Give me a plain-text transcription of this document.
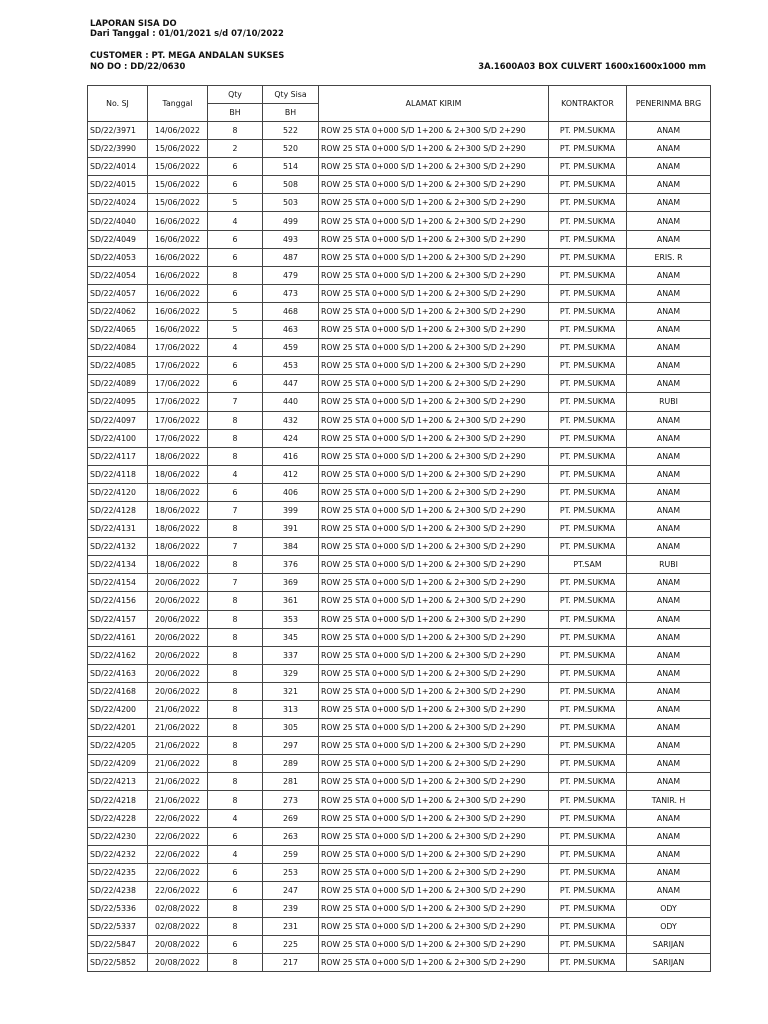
LAPORAN SISA DO
Dari Tanggal : 01/01/2021 s/d 07/10/2022
CUSTOMER : PT. MEGA ANDALAN SUKSES
NO DO : DD/22/0630	3A.1600A03 BOX CULVERT 1600x1600x1000 mm
No. SJ	Tanggal	Qty	Qty Sisa	ALAMAT KIRIM	KONTRAKTOR	PENERINMA BRG
		BH	BH			
SD/22/3971	14/06/2022	8	522	ROW 25 STA 0+000 S/D 1+200 & 2+300 S/D 2+290	PT. PM.SUKMA	ANAM
SD/22/3990	15/06/2022	2	520	ROW 25 STA 0+000 S/D 1+200 & 2+300 S/D 2+290	PT. PM.SUKMA	ANAM
SD/22/4014	15/06/2022	6	514	ROW 25 STA 0+000 S/D 1+200 & 2+300 S/D 2+290	PT. PM.SUKMA	ANAM
SD/22/4015	15/06/2022	6	508	ROW 25 STA 0+000 S/D 1+200 & 2+300 S/D 2+290	PT. PM.SUKMA	ANAM
SD/22/4024	15/06/2022	5	503	ROW 25 STA 0+000 S/D 1+200 & 2+300 S/D 2+290	PT. PM.SUKMA	ANAM
SD/22/4040	16/06/2022	4	499	ROW 25 STA 0+000 S/D 1+200 & 2+300 S/D 2+290	PT. PM.SUKMA	ANAM
SD/22/4049	16/06/2022	6	493	ROW 25 STA 0+000 S/D 1+200 & 2+300 S/D 2+290	PT. PM.SUKMA	ANAM
SD/22/4053	16/06/2022	6	487	ROW 25 STA 0+000 S/D 1+200 & 2+300 S/D 2+290	PT. PM.SUKMA	ERIS. R
SD/22/4054	16/06/2022	8	479	ROW 25 STA 0+000 S/D 1+200 & 2+300 S/D 2+290	PT. PM.SUKMA	ANAM
SD/22/4057	16/06/2022	6	473	ROW 25 STA 0+000 S/D 1+200 & 2+300 S/D 2+290	PT. PM.SUKMA	ANAM
SD/22/4062	16/06/2022	5	468	ROW 25 STA 0+000 S/D 1+200 & 2+300 S/D 2+290	PT. PM.SUKMA	ANAM
SD/22/4065	16/06/2022	5	463	ROW 25 STA 0+000 S/D 1+200 & 2+300 S/D 2+290	PT. PM.SUKMA	ANAM
SD/22/4084	17/06/2022	4	459	ROW 25 STA 0+000 S/D 1+200 & 2+300 S/D 2+290	PT. PM.SUKMA	ANAM
SD/22/4085	17/06/2022	6	453	ROW 25 STA 0+000 S/D 1+200 & 2+300 S/D 2+290	PT. PM.SUKMA	ANAM
SD/22/4089	17/06/2022	6	447	ROW 25 STA 0+000 S/D 1+200 & 2+300 S/D 2+290	PT. PM.SUKMA	ANAM
SD/22/4095	17/06/2022	7	440	ROW 25 STA 0+000 S/D 1+200 & 2+300 S/D 2+290	PT. PM.SUKMA	RUBI
SD/22/4097	17/06/2022	8	432	ROW 25 STA 0+000 S/D 1+200 & 2+300 S/D 2+290	PT. PM.SUKMA	ANAM
SD/22/4100	17/06/2022	8	424	ROW 25 STA 0+000 S/D 1+200 & 2+300 S/D 2+290	PT. PM.SUKMA	ANAM
SD/22/4117	18/06/2022	8	416	ROW 25 STA 0+000 S/D 1+200 & 2+300 S/D 2+290	PT. PM.SUKMA	ANAM
SD/22/4118	18/06/2022	4	412	ROW 25 STA 0+000 S/D 1+200 & 2+300 S/D 2+290	PT. PM.SUKMA	ANAM
SD/22/4120	18/06/2022	6	406	ROW 25 STA 0+000 S/D 1+200 & 2+300 S/D 2+290	PT. PM.SUKMA	ANAM
SD/22/4128	18/06/2022	7	399	ROW 25 STA 0+000 S/D 1+200 & 2+300 S/D 2+290	PT. PM.SUKMA	ANAM
SD/22/4131	18/06/2022	8	391	ROW 25 STA 0+000 S/D 1+200 & 2+300 S/D 2+290	PT. PM.SUKMA	ANAM
SD/22/4132	18/06/2022	7	384	ROW 25 STA 0+000 S/D 1+200 & 2+300 S/D 2+290	PT. PM.SUKMA	ANAM
SD/22/4134	18/06/2022	8	376	ROW 25 STA 0+000 S/D 1+200 & 2+300 S/D 2+290	PT.SAM	RUBI
SD/22/4154	20/06/2022	7	369	ROW 25 STA 0+000 S/D 1+200 & 2+300 S/D 2+290	PT. PM.SUKMA	ANAM
SD/22/4156	20/06/2022	8	361	ROW 25 STA 0+000 S/D 1+200 & 2+300 S/D 2+290	PT. PM.SUKMA	ANAM
SD/22/4157	20/06/2022	8	353	ROW 25 STA 0+000 S/D 1+200 & 2+300 S/D 2+290	PT. PM.SUKMA	ANAM
SD/22/4161	20/06/2022	8	345	ROW 25 STA 0+000 S/D 1+200 & 2+300 S/D 2+290	PT. PM.SUKMA	ANAM
SD/22/4162	20/06/2022	8	337	ROW 25 STA 0+000 S/D 1+200 & 2+300 S/D 2+290	PT. PM.SUKMA	ANAM
SD/22/4163	20/06/2022	8	329	ROW 25 STA 0+000 S/D 1+200 & 2+300 S/D 2+290	PT. PM.SUKMA	ANAM
SD/22/4168	20/06/2022	8	321	ROW 25 STA 0+000 S/D 1+200 & 2+300 S/D 2+290	PT. PM.SUKMA	ANAM
SD/22/4200	21/06/2022	8	313	ROW 25 STA 0+000 S/D 1+200 & 2+300 S/D 2+290	PT. PM.SUKMA	ANAM
SD/22/4201	21/06/2022	8	305	ROW 25 STA 0+000 S/D 1+200 & 2+300 S/D 2+290	PT. PM.SUKMA	ANAM
SD/22/4205	21/06/2022	8	297	ROW 25 STA 0+000 S/D 1+200 & 2+300 S/D 2+290	PT. PM.SUKMA	ANAM
SD/22/4209	21/06/2022	8	289	ROW 25 STA 0+000 S/D 1+200 & 2+300 S/D 2+290	PT. PM.SUKMA	ANAM
SD/22/4213	21/06/2022	8	281	ROW 25 STA 0+000 S/D 1+200 & 2+300 S/D 2+290	PT. PM.SUKMA	ANAM
SD/22/4218	21/06/2022	8	273	ROW 25 STA 0+000 S/D 1+200 & 2+300 S/D 2+290	PT. PM.SUKMA	TANIR. H
SD/22/4228	22/06/2022	4	269	ROW 25 STA 0+000 S/D 1+200 & 2+300 S/D 2+290	PT. PM.SUKMA	ANAM
SD/22/4230	22/06/2022	6	263	ROW 25 STA 0+000 S/D 1+200 & 2+300 S/D 2+290	PT. PM.SUKMA	ANAM
SD/22/4232	22/06/2022	4	259	ROW 25 STA 0+000 S/D 1+200 & 2+300 S/D 2+290	PT. PM.SUKMA	ANAM
SD/22/4235	22/06/2022	6	253	ROW 25 STA 0+000 S/D 1+200 & 2+300 S/D 2+290	PT. PM.SUKMA	ANAM
SD/22/4238	22/06/2022	6	247	ROW 25 STA 0+000 S/D 1+200 & 2+300 S/D 2+290	PT. PM.SUKMA	ANAM
SD/22/5336	02/08/2022	8	239	ROW 25 STA 0+000 S/D 1+200 & 2+300 S/D 2+290	PT. PM.SUKMA	ODY
SD/22/5337	02/08/2022	8	231	ROW 25 STA 0+000 S/D 1+200 & 2+300 S/D 2+290	PT. PM.SUKMA	ODY
SD/22/5847	20/08/2022	6	225	ROW 25 STA 0+000 S/D 1+200 & 2+300 S/D 2+290	PT. PM.SUKMA	SARIJAN
SD/22/5852	20/08/2022	8	217	ROW 25 STA 0+000 S/D 1+200 & 2+300 S/D 2+290	PT. PM.SUKMA	SARIJAN
